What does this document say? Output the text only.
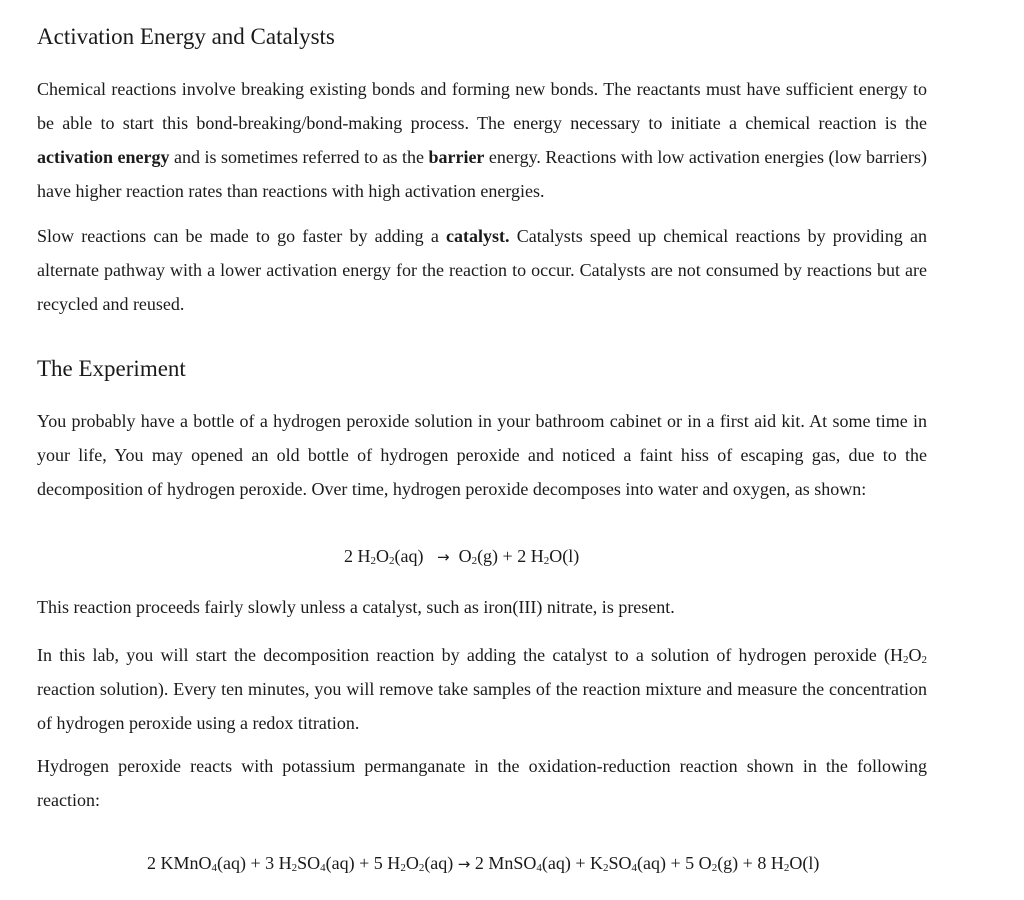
Activation Energy and Catalysts

Chemical reactions involve breaking existing bonds and forming new bonds. The reactants must have sufficient energy to be able to start this bond-breaking/bond-making process. The energy necessary to initiate a chemical reaction is the activation energy and is sometimes referred to as the barrier energy. Reactions with low activation energies (low barriers) have higher reaction rates than reactions with high activation energies.

Slow reactions can be made to go faster by adding a catalyst. Catalysts speed up chemical reactions by providing an alternate pathway with a lower activation energy for the reaction to occur. Catalysts are not consumed by reactions but are recycled and reused.

The Experiment

You probably have a bottle of a hydrogen peroxide solution in your bathroom cabinet or in a first aid kit. At some time in your life, You may opened an old bottle of hydrogen peroxide and noticed a faint hiss of escaping gas, due to the decomposition of hydrogen peroxide. Over time, hydrogen peroxide decomposes into water and oxygen, as shown:

2 $H_2O_2(aq) \to O_2(g) + 2$ $H_2O(l)$

This reaction proceeds fairly slowly unless a catalyst, such as iron(III) nitrate, is present.

In this lab, you will start the decomposition reaction by adding the catalyst to a solution of hydrogen peroxide ($H_2O_2$ reaction solution). Every ten minutes, you will remove take samples of the reaction mixture and measure the concentration of hydrogen peroxide using a redox titration.

Hydrogen peroxide reacts with potassium permanganate in the oxidation-reduction reaction shown in the following reaction:

2 KMnO$_4$(aq) + 3 $H_2SO_4(aq) + 5$ $H_2O_2(aq) \to 2$ MnSO$_4$(aq) + $K_2SO_4(aq) + 5$ $O_2(g) + 8$ $H_2O(l)$
